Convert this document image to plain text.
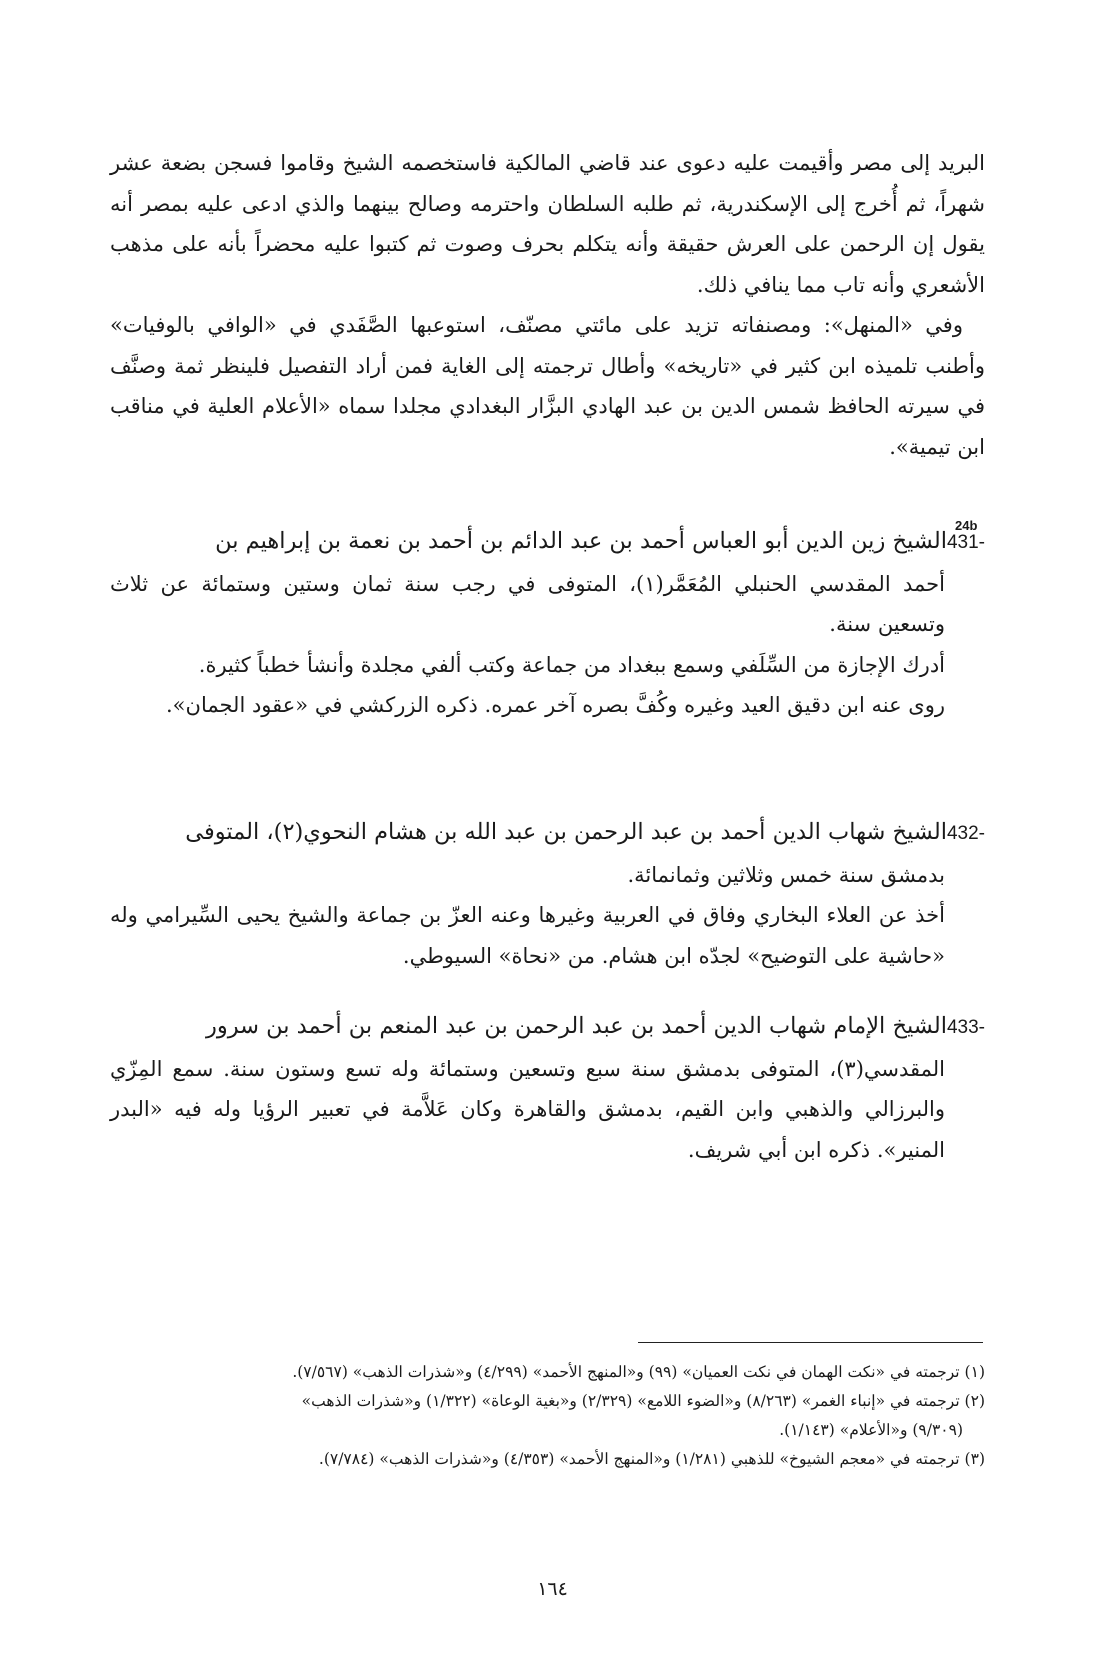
البريد إلى مصر وأقيمت عليه دعوى عند قاضي المالكية فاستخصمه الشيخ وقاموا فسجن بضعة عشر شهراً، ثم أُخرج إلى الإسكندرية، ثم طلبه السلطان واحترمه وصالح بينهما والذي ادعى عليه بمصر أنه يقول إن الرحمن على العرش حقيقة وأنه يتكلم بحرف وصوت ثم كتبوا عليه محضراً بأنه على مذهب الأشعري وأنه تاب مما ينافي ذلك.

وفي «المنهل»: ومصنفاته تزيد على مائتي مصنّف، استوعبها الصَّفَدي في «الوافي بالوفيات» وأطنب تلميذه ابن كثير في «تاريخه» وأطال ترجمته إلى الغاية فمن أراد التفصيل فلينظر ثمة وصنَّف في سيرته الحافظ شمس الدين بن عبد الهادي البزَّار البغدادي مجلدا سماه «الأعلام العلية في مناقب ابن تيمية».

24b

431-الشيخ زين الدين أبو العباس أحمد بن عبد الدائم بن أحمد بن نعمة بن إبراهيم بن

أحمد المقدسي الحنبلي المُعَمَّر(١)، المتوفى في رجب سنة ثمان وستين وستمائة عن ثلاث وتسعين سنة.

أدرك الإجازة من السِّلَفي وسمع ببغداد من جماعة وكتب ألفي مجلدة وأنشأ خطباً كثيرة.

روى عنه ابن دقيق العيد وغيره وكُفَّ بصره آخر عمره. ذكره الزركشي في «عقود الجمان».

432-الشيخ شهاب الدين أحمد بن عبد الرحمن بن عبد الله بن هشام النحوي(٢)، المتوفى

بدمشق سنة خمس وثلاثين وثمانمائة.

أخذ عن العلاء البخاري وفاق في العربية وغيرها وعنه العزّ بن جماعة والشيخ يحيى السِّيرامي وله «حاشية على التوضيح» لجدّه ابن هشام. من «نحاة» السيوطي.

433-الشيخ الإمام شهاب الدين أحمد بن عبد الرحمن بن عبد المنعم بن أحمد بن سرور

المقدسي(٣)، المتوفى بدمشق سنة سبع وتسعين وستمائة وله تسع وستون سنة. سمع المِزّي والبرزالي والذهبي وابن القيم، بدمشق والقاهرة وكان عَلاَّمة في تعبير الرؤيا وله فيه «البدر المنير». ذكره ابن أبي شريف.

(١) ترجمته في «نكت الهمان في نكت العميان» (٩٩) و«المنهج الأحمد» (٤/٢٩٩) و«شذرات الذهب» (٧/٥٦٧).

(٢) ترجمته في «إنباء الغمر» (٨/٢٦٣) و«الضوء اللامع» (٢/٣٢٩) و«بغية الوعاة» (١/٣٢٢) و«شذرات الذهب»

(٩/٣٠٩) و«الأعلام» (١/١٤٣).

(٣) ترجمته في «معجم الشيوخ» للذهبي (١/٢٨١) و«المنهج الأحمد» (٤/٣٥٣) و«شذرات الذهب» (٧/٧٨٤).

١٦٤
